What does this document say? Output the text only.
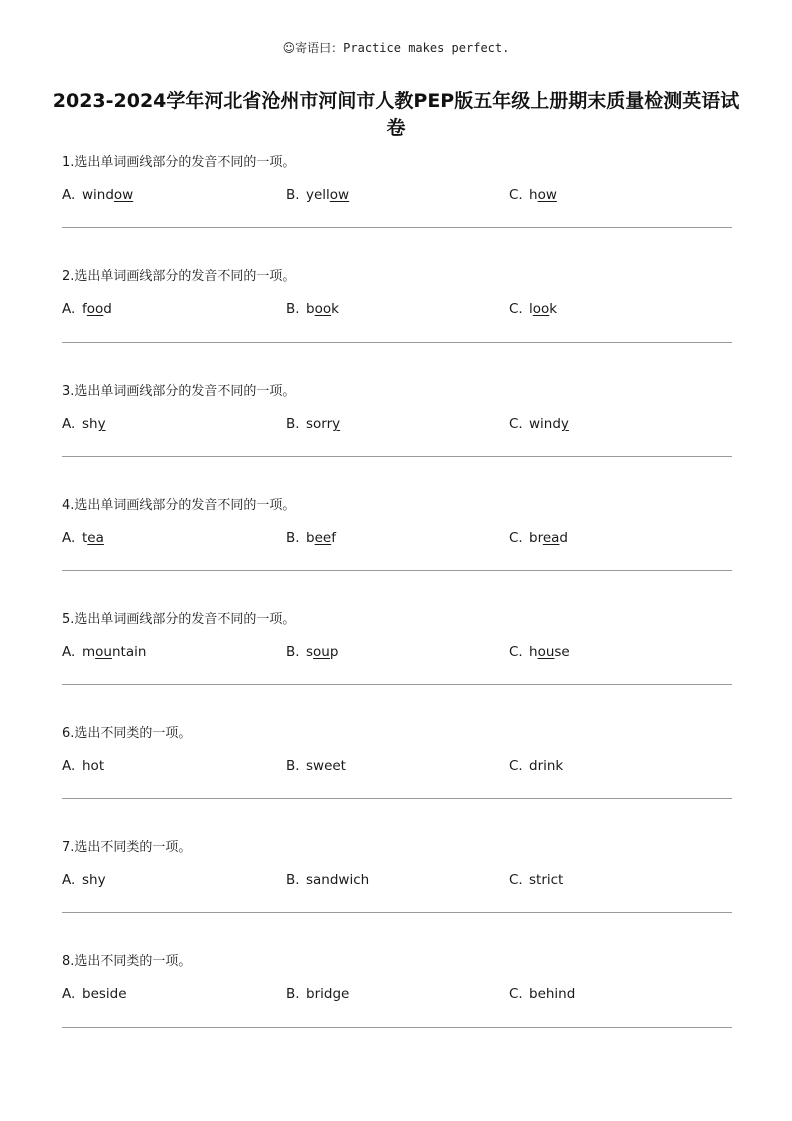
☺寄语曰：Practice makes perfect.
2023-2024学年河北省沧州市河间市人教PEP版五年级上册期末质量检测英语试卷
1.选出单词画线部分的发音不同的一项。
A. window	B. yellow	C. how
2.选出单词画线部分的发音不同的一项。
A. food	B. book	C. look
3.选出单词画线部分的发音不同的一项。
A. shy	B. sorry	C. windy
4.选出单词画线部分的发音不同的一项。
A. tea	B. beef	C. bread
5.选出单词画线部分的发音不同的一项。
A. mountain	B. soup	C. house
6.选出不同类的一项。
A. hot	B. sweet	C. drink
7.选出不同类的一项。
A. shy	B. sandwich	C. strict
8.选出不同类的一项。
A. beside	B. bridge	C. behind
